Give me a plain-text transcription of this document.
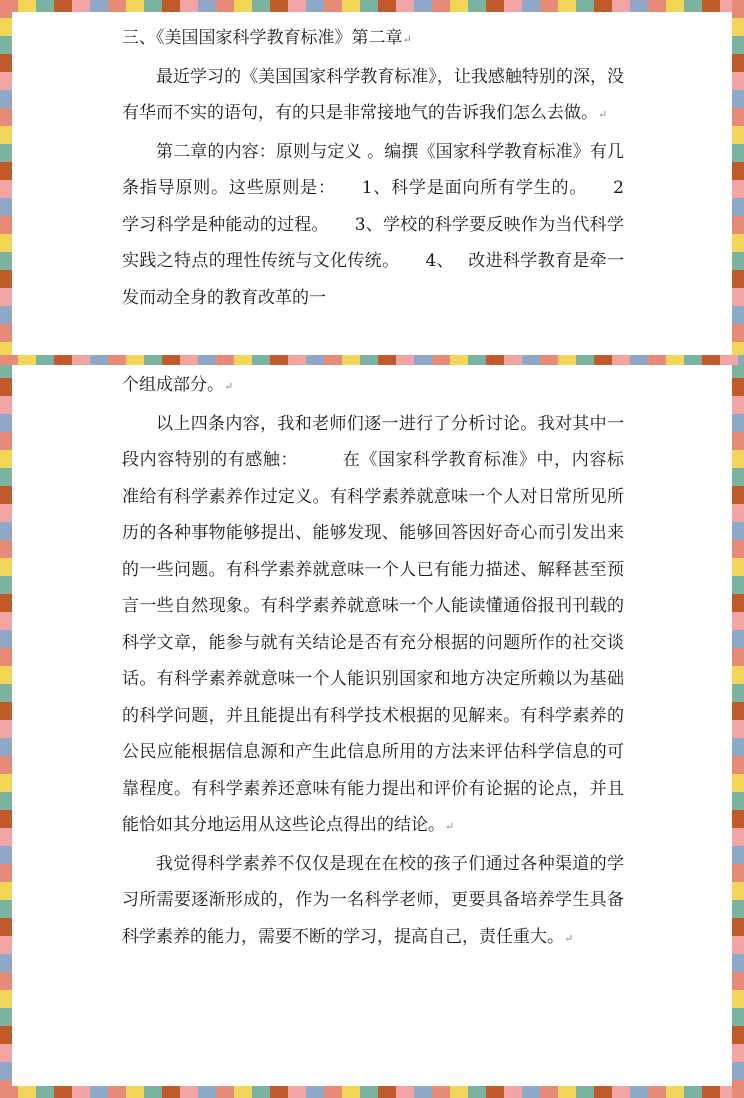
三、《美国国家科学教育标准》第二章↵

最近学习的《美国国家科学教育标准》，让我感触特别的深，没有华而不实的语句，有的只是非常接地气的告诉我们怎么去做。↵

第二章的内容：原则与定义 。编撰《国家科学教育标准》有几条指导原则。这些原则是： 1、科学是面向所有学生的。 2 学习科学是种能动的过程。 3、学校的科学要反映作为当代科学实践之特点的理性传统与文化传统。 4、 改进科学教育是牵一发而动全身的教育改革的一

个组成部分。↵

以上四条内容，我和老师们逐一进行了分析讨论。我对其中一段内容特别的有感触：	在《国家科学教育标准》中，内容标准给有科学素养作过定义。有科学素养就意味一个人对日常所见所历的各种事物能够提出、能够发现、能够回答因好奇心而引发出来的一些问题。有科学素养就意味一个人已有能力描述、解释甚至预言一些自然现象。有科学素养就意味一个人能读懂通俗报刊刊载的科学文章，能参与就有关结论是否有充分根据的问题所作的社交谈话。有科学素养就意味一个人能识别国家和地方决定所赖以为基础的科学问题，并且能提出有科学技术根据的见解来。有科学素养的公民应能根据信息源和产生此信息所用的方法来评估科学信息的可靠程度。有科学素养还意味有能力提出和评价有论据的论点，并且能恰如其分地运用从这些论点得出的结论。↵

我觉得科学素养不仅仅是现在在校的孩子们通过各种渠道的学习所需要逐渐形成的，作为一名科学老师，更要具备培养学生具备科学素养的能力，需要不断的学习，提高自己，责任重大。↵
